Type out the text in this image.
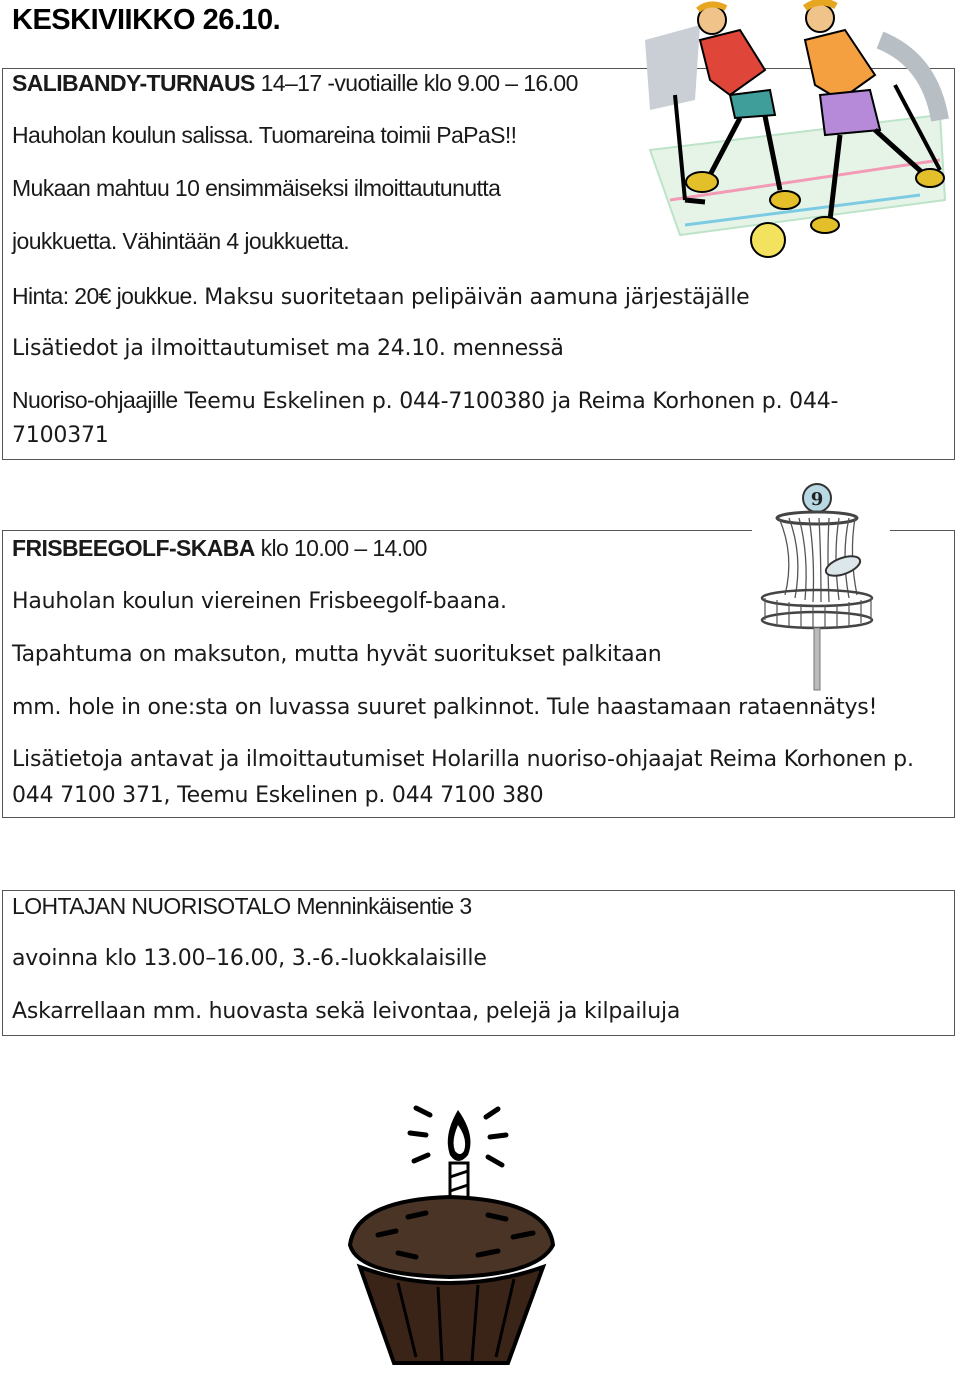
KESKIVIIKKO 26.10.
SALIBANDY-TURNAUS 14–17 -vuotiaille klo 9.00 – 16.00
Hauholan koulun salissa. Tuomareina toimii PaPaS!!
Mukaan mahtuu 10 ensimmäiseksi ilmoittautunutta
joukkuetta. Vähintään 4 joukkuetta.
Hinta: 20€ joukkue. Maksu suoritetaan pelipäivän aamuna järjestäjälle
Lisätiedot ja ilmoittautumiset ma 24.10. mennessä
Nuoriso-ohjaajille Teemu Eskelinen p. 044-7100380 ja Reima Korhonen p. 044-7100371
FRISBEEGOLF-SKABA klo 10.00 – 14.00
Hauholan koulun viereinen Frisbeegolf-baana.
Tapahtuma on maksuton, mutta hyvät suoritukset palkitaan
mm. hole in one:sta on luvassa suuret palkinnot. Tule haastamaan rataennätys!
Lisätietoja antavat ja ilmoittautumiset Holarilla nuoriso-ohjaajat Reima Korhonen p. 044 7100 371, Teemu Eskelinen p. 044 7100 380
9
LOHTAJAN NUORISOTALO Menninkäisentie 3
avoinna klo 13.00–16.00, 3.-6.-luokkalaisille
Askarrellaan mm. huovasta sekä leivontaa, pelejä ja kilpailuja
